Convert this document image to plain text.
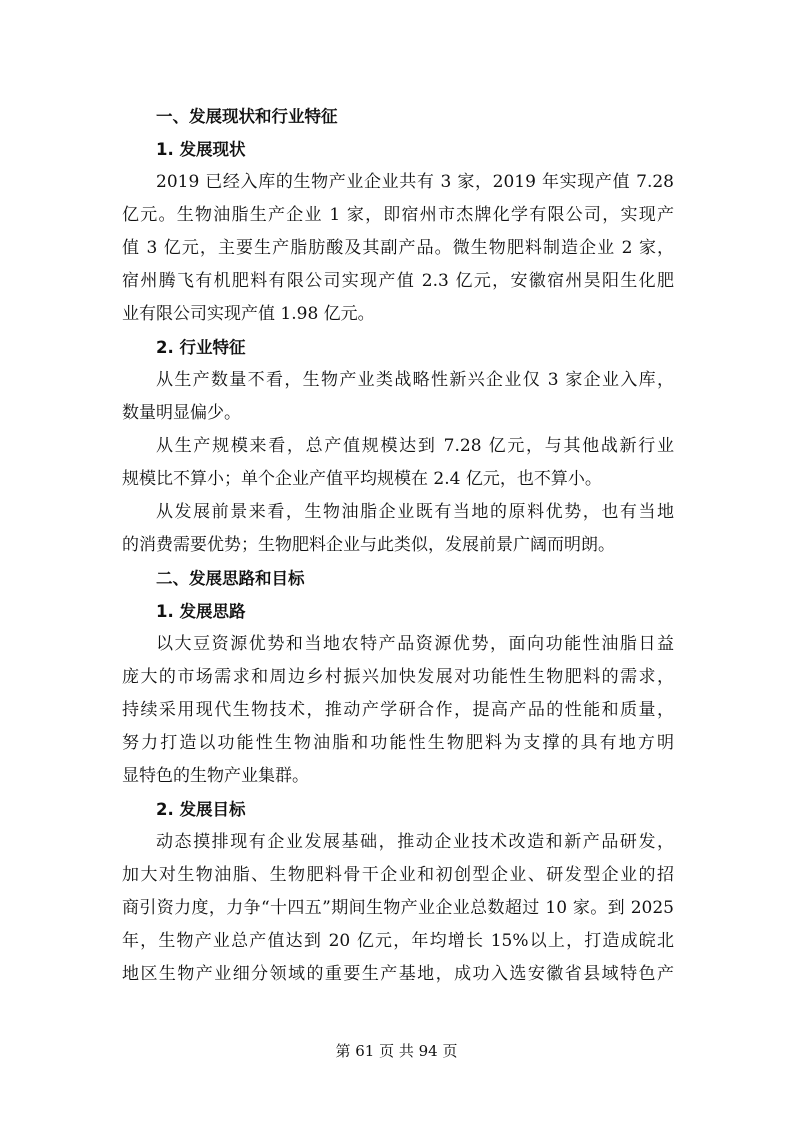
一、发展现状和行业特征
1. 发展现状
2019 已经入库的生物产业企业共有 3 家，2019 年实现产值 7.28
亿元。生物油脂生产企业 1 家，即宿州市杰牌化学有限公司，实现产
值 3 亿元，主要生产脂肪酸及其副产品。微生物肥料制造企业 2 家，
宿州腾飞有机肥料有限公司实现产值 2.3 亿元，安徽宿州昊阳生化肥
业有限公司实现产值 1.98 亿元。
2. 行业特征
从生产数量不看，生物产业类战略性新兴企业仅 3 家企业入库，
数量明显偏少。
从生产规模来看，总产值规模达到 7.28 亿元，与其他战新行业
规模比不算小；单个企业产值平均规模在 2.4 亿元，也不算小。
从发展前景来看，生物油脂企业既有当地的原料优势，也有当地
的消费需要优势；生物肥料企业与此类似，发展前景广阔而明朗。
二、发展思路和目标
1. 发展思路
以大豆资源优势和当地农特产品资源优势，面向功能性油脂日益
庞大的市场需求和周边乡村振兴加快发展对功能性生物肥料的需求，
持续采用现代生物技术，推动产学研合作，提高产品的性能和质量，
努力打造以功能性生物油脂和功能性生物肥料为支撑的具有地方明
显特色的生物产业集群。
2. 发展目标
动态摸排现有企业发展基础，推动企业技术改造和新产品研发，
加大对生物油脂、生物肥料骨干企业和初创型企业、研发型企业的招
商引资力度，力争“十四五”期间生物产业企业总数超过 10 家。到 2025
年，生物产业总产值达到 20 亿元，年均增长 15%以上，打造成皖北
地区生物产业细分领域的重要生产基地，成功入选安徽省县域特色产
第 61 页 共 94 页
